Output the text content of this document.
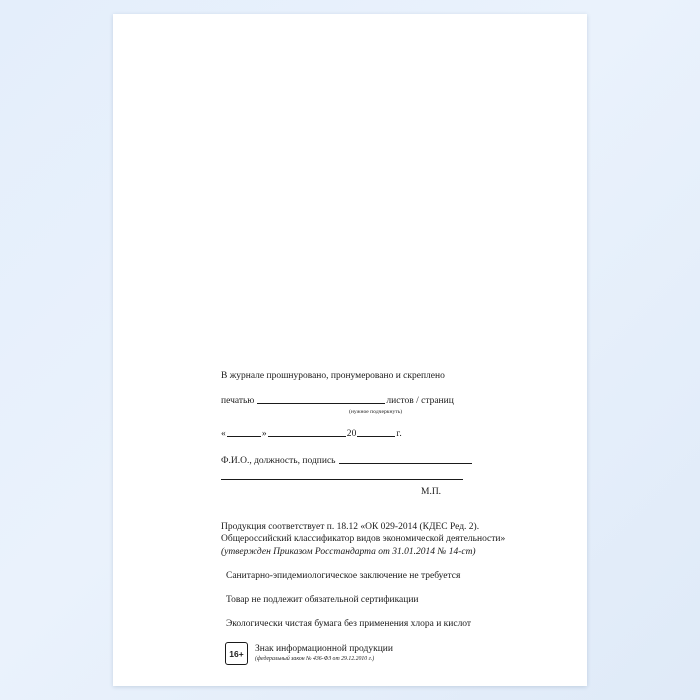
В журнале прошнуровано, пронумеровано и скреплено
печатью	листов / страниц
(нужное подчеркнуть)
«	»	20	г.
Ф.И.О., должность, подпись
М.П.
Продукция соответствует п. 18.12 «ОК 029-2014 (КДЕС Ред. 2).
Общероссийский классификатор видов экономической деятельности»
(утвержден Приказом Росстандарта от 31.01.2014 № 14-ст)
Санитарно-эпидемиологическое заключение не требуется
Товар не подлежит обязательной сертификации
Экологически чистая бумага без применения хлора и кислот
16+	Знак информационной продукции
(федеральный закон № 436-ФЗ от 29.12.2010 г.)
